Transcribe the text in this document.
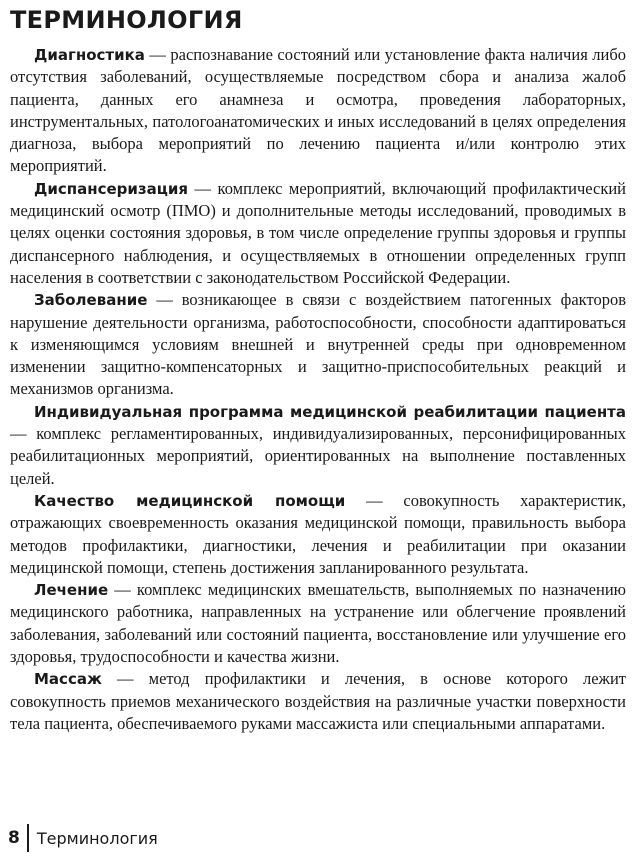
ТЕРМИНОЛОГИЯ

Диагностика — распознавание состояний или установление факта наличия либо отсутствия заболеваний, осуществляемые посредством сбора и анализа жалоб пациента, данных его анамнеза и осмотра, проведения лабораторных, инструментальных, патологоанатомических и иных исследований в целях определения диагноза, выбора мероприятий по лечению пациента и/или контролю этих мероприятий.

Диспансеризация — комплекс мероприятий, включающий профилактический медицинский осмотр (ПМО) и дополнительные методы исследований, проводимых в целях оценки состояния здоровья, в том числе определение группы здоровья и группы диспансерного наблюдения, и осуществляемых в отношении определенных групп населения в соответствии с законодательством Российской Федерации.

Заболевание — возникающее в связи с воздействием патогенных факторов нарушение деятельности организма, работоспособности, способности адаптироваться к изменяющимся условиям внешней и внутренней среды при одновременном изменении защитно-компенсаторных и защитно-приспособительных реакций и механизмов организма.

Индивидуальная программа медицинской реабилитации пациента — комплекс регламентированных, индивидуализированных, персонифицированных реабилитационных мероприятий, ориентированных на выполнение поставленных целей.

Качество медицинской помощи — совокупность характеристик, отражающих своевременность оказания медицинской помощи, правильность выбора методов профилактики, диагностики, лечения и реабилитации при оказании медицинской помощи, степень достижения запланированного результата.

Лечение — комплекс медицинских вмешательств, выполняемых по назначению медицинского работника, направленных на устранение или облегчение проявлений заболевания, заболеваний или состояний пациента, восстановление или улучшение его здоровья, трудоспособности и качества жизни.

Массаж — метод профилактики и лечения, в основе которого лежит совокупность приемов механического воздействия на различные участки поверхности тела пациента, обеспечиваемого руками массажиста или специальными аппаратами.

8 Терминология
